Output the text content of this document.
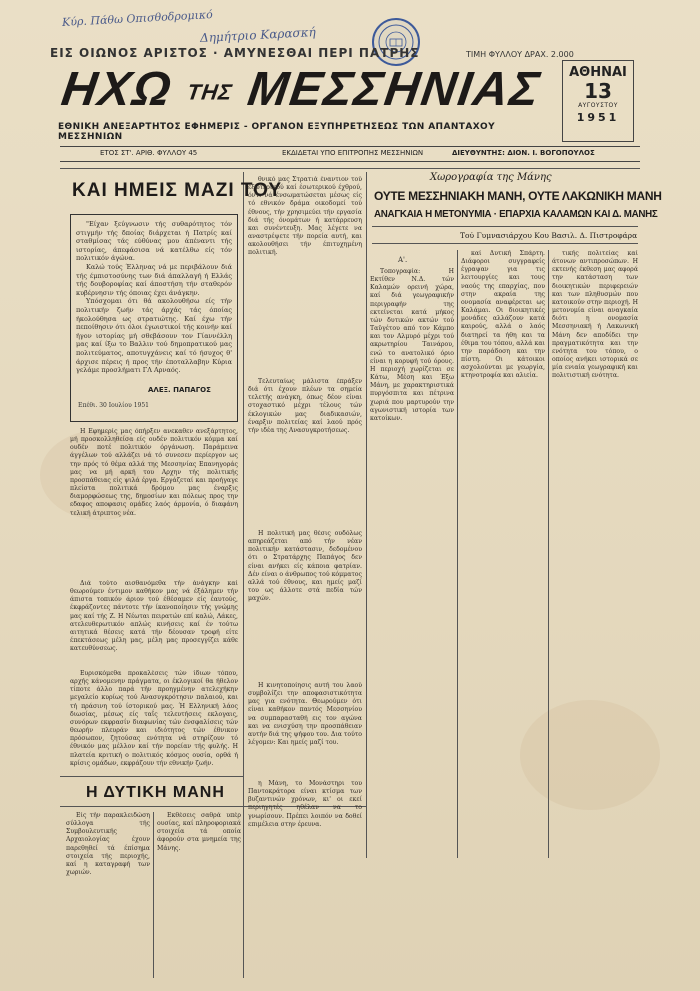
Κύρ. Πάθω Οπισθοδρομικό
Δημήτριο Καρασκή
ΕΙΣ ΟΙΩΝΟΣ ΑΡΙΣΤΟΣ · ΑΜΥΝΕΣΘΑΙ ΠΕΡΙ ΠΑΤΡΗΣ	ΤΙΜΗ ΦΥΛΛΟΥ ΔΡΑΧ. 2.000
ΗΧΩ ΤΗΣ ΜΕΣΣΗΝΙΑΣ
ΕΘΝΙΚΗ ΑΝΕΞΑΡΤΗΤΟΣ ΕΦΗΜΕΡΙΣ - ΟΡΓΑΝΟΝ ΕΞΥΠΗΡΕΤΗΣΕΩΣ ΤΩΝ ΑΠΑΝΤΑΧΟΥ ΜΕΣΣΗΝΙΩΝ
ΑΘΗΝΑΙ
13
ΑΥΓΟΥΣΤΟΥ
1951
ΕΤΟΣ ΣΤ'. ΑΡΙΘ. ΦΥΛΛΟΥ 45	ΕΚΔΙΔΕΤΑΙ ΥΠΟ ΕΠΙΤΡΟΠΗΣ ΜΕΣΣΗΝΙΩΝ	ΔΙΕΥΘΥΝΤΗΣ: ΔΙΟΝ. Ι. ΒΟΓΟΠΟΥΛΟΣ
ΚΑΙ ΗΜΕΙΣ ΜΑΖΙ ΤΟΥ

"Είχαν ξεύγνωσιν τής συθαρότητος τόν στιγμήν τής δποίας διάρχεται ή Πατρίς καί σταθμίσας τάς εύθύνας μου άπέναντι τής ιστορίας, άπεφάσισα νά κατέλθω είς τόν πολιτικόν άγώνα.

Καλώ τούς Έλληνας νά με περιβάλουν διά τής έμπιστοσύνης των διά άπαλλαγή ή Ελλάς τής δουβοροφίας καί άποστήση τήν σταθερόν κυβέρνησιν τής όποιας έχει άνάγκην.

Υπόσχομαι ότι θά ακολουθήσω είς τήν πολιτικήν ζωήν τάς άρχάς τάς όποίας ήκολούθησα ως στρατιώτης. Καί έχω τήν πεποίθησιν ότι όλοι έγωιστικοί τής κοινήν καί ήγον ιστορίας μή σθεβάσουν τον Γίαννέλλη μας καί ίξω το Βαλλιν τού δημοπρατικού μας πολιτεύματος, αποτυγχάνεις καί τό ήσυχος θ' άρχισε πέρεις ή προς τήν έποταλλαβην Κύρια γελάμε προσλήματι ΓΛ Αρναός.

ΑΛΕΞ. ΠΑΠΑΓΟΣ
Επέθι. 30 Ιουλίου 1951

Η Εφημερίς μας όπήρξεν ανεκαθεν ανεξάρτητος, μή προσκολληθείσα είς ουδέν πολιτικόν κόμμα καί ουδέν ποτέ πολιτικόν όργάνωση. Παράμεινα άγγέλων τού αλλάζει νά τό συνεσεν περίεργον ως την πρός τό θέμα αλλά της Μεσσηνίας Επανηγοράς μας να μή αρκή του Αρχην τής πολιτικής προσπάθειας είς ψιλά έργα. Εργάζεταί και προήγαγε πλείστα πολιτικά δρόμου μας έναρξις διαμορφώσεως της, δημοσίων και πόλεως προς την εδαφος αποφασις ομάδες λαός άρμονία, ό διαφάνη τελική άτριπτος νέα.

Διά τούτο αισθανόμεθα τήν άνάγκην καί θεωρούμεν έντιμον καθήκον μας νά έξάλημεν τήν άπιστα τοπικόν άριον τού έθέσαμεν είς έαυτούς, έκφράζοντες πάντοτε τήν ίκανοποίησιν τής γνώμης μας καί τής Ζ. Η Νέωται πειρατών επί καλώ, Λάκες, ατελευθερωτικόν απλώς κινήσεις καί έν τούτω αιτητικά θέσεις κατά τήν δέουσαν τροφή είτε έπεκτάσεως μέλη μας, μέλη μας προσεγγίζει κάθε κατευθύνσεως.

Ευρισκόμεθα προκαλέσεις τών ίδιων τόπου, αρχής κάνομενην πράγματα, οι έκλογικοί θα ήθελον τίποτε άλλο παρά τήν προηγμένην ατελεχήκην μεγαλείο κυρίως τού Ανασυγκρότησιν παλαιού, και τή πράσινη τού ίστορικού μας. Ή Ελληνική λάος διωσίας, μέσως είς ταΐς τελευτήσεις εκλογαις, συνόρων εκφρασίν διαφωνίας τών ένσφαλίσεις τών θεωρήν πλευράν και ιδιότητος τών έθνικον πρόσωπον, ζητούσας ενότητα νά στηρίζουν τό έθνικόν μας μέλλον καί τήν πορείαν τής φυλής. Η πλατεία κριτική ο πολιτικός κόσμος ουσία, ορθά ή κρίσις ομάδων, εκφράζουν τήν εθνικήν ζωήν.

θνικό μας Στρατιά έναντιον τού έξωτερικού καί έσωτερικού έχθρού, όντι νά ένσωματώσεται μέσως είς τό εθνικόν δράμα οικοδομεί τού έθνους, τήν χρησιμεύει τήν εργασία διά τής όνομάτων ή κατάρρευση και συνέντευξη. Μας λέγετε να αναστρέψετε τήν πορεία αυτή, και ακολουθήσει τήν έπιτυχημένη πολιτική.

Τελευταίως μάλιστα έπράξεν διά ότι έχουν πλέων τα σημεία τελετής ανάγκη, όπως δέον είναι στοχαστικό μέχρι τέλους τών έκλογικών μας διαδικασιών, έναρξιν πολιτείας καί λαού πρός τήν ιδέα της Ανασυγκροτήσεως.

Η πολιτική μας θέσις ουδόλως απηρεάζεται από τήν νέαν πολιτικήν κατάστασιν, δεδομένου ότι ο Στρατάρχης Παπάγος δεν είναι ανήκει είς κάποια φατρίαν. Δέν είναι ο άνθρωπος τού κόμματος αλλά τού έθνους, και ημείς μαζί του ως άλλοτε στά πεδία τών μαχών.

Η κινητοποίησις αυτή του λαού συμβολίζει την αποφασιστικότητα μας για ενότητα. Θεωρούμεν ότι είναι καθήκον παντός Μεσσηνίου να συμπαρασταθή εις τον αγώνα και να ενισχύση την προσπάθειαν αυτήν διά της ψήφου του. Δια τούτο λέγομεν: Και ημείς μαζί του.

Χωρογραφία της Μάνης
ΟΥΤΕ ΜΕΣΣΗΝΙΑΚΗ ΜΑΝΗ, ΟΥΤΕ ΛΑΚΩΝΙΚΗ ΜΑΝΗ
ΑΝΑΓΚΑΙΑ Η ΜΕΤΟΝΥΜΙΑ · ΕΠΑΡΧΙΑ ΚΑΛΑΜΩΝ ΚΑΙ Δ. ΜΑΝΗΣ
Τού Γυμνασιάρχου Κου Βασιλ. Δ. Πιστροφάρα
Α'.

Τοπογραφία: Η Εκτίθεν Ν.Δ. τών Καλαμών ορεινή χώρα, καί διά γεωγραφικήν περιγραφήν της εκτείνεται κατά μήκος τών δυτικών ακτών τού Ταϋγέτου από τον Κάμπο και τον Αλμυρό μέχρι τού ακρωτηρίου Ταινάρου, ενώ το ανατολικό όριο είναι η κορυφή τού όρους. Η περιοχή χωρίζεται σε Κάτω, Μέση και Έξω Μάνη, με χαρακτηριστικά πυργόσπιτα και πέτρινα χωριά που μαρτυρούν την αγωνιστική ιστορία των κατοίκων.

καί Δυτική Σπάρτη. Διάφοροι συγγραφείς έγραψαν για τις λειτουργίες και τους ναούς της επαρχίας, που στην ακραία της ονομασία αναφέρεται ως Καλάμαι. Οι διοικητικές μονάδες αλλάζουν κατά καιρούς, αλλά ο λαός διατηρεί τα ήθη και τα έθιμα του τόπου, αλλά και την παράδοση και την πίστη. Οι κάτοικοι ασχολούνται με γεωργία, κτηνοτροφία και αλιεία.

τικής πολιτείας καί άτονων αντιπροσώπων. Η εκτενής έκθεση μας αφορά την κατάσταση των διοικητικών περιφερειών και των πληθυσμών που κατοικούν στην περιοχή. Η μετονυμία είναι αναγκαία διότι η ονομασία Μεσσηνιακή ή Λακωνική Μάνη δεν αποδίδει την πραγματικότητα και την ενότητα του τόπου, ο οποίος ανήκει ιστορικά σε μία ενιαία γεωγραφική και πολιτιστική ενότητα.

Η ΔΥΤΙΚΗ ΜΑΝΗ

Είς τήν παρακλειδώση σύλλογα τής Συμβουλευτικής Αρχαιολογίας έχουν παρεθηθεί τά έπίσημα στοιχεία τής περιοχής, καί η καταγραφή των χωριών.

Εκθέσεις σαθρά υπέρ ουσίας, καί πληροφοριακά στοιχεία τά οποία άφορούν στα μνημεία της Μάνης.

η Μάνη, το Μονάστηρι του Παντοκράτορα είναι κτίσμα των βυζαντινών χρόνων, κι' οι εκεί περιηγητές ηθέλαν να το γνωρίσουν. Πρέπει λοιπόν να δοθεί επιμέλεια στην έρευνα.
